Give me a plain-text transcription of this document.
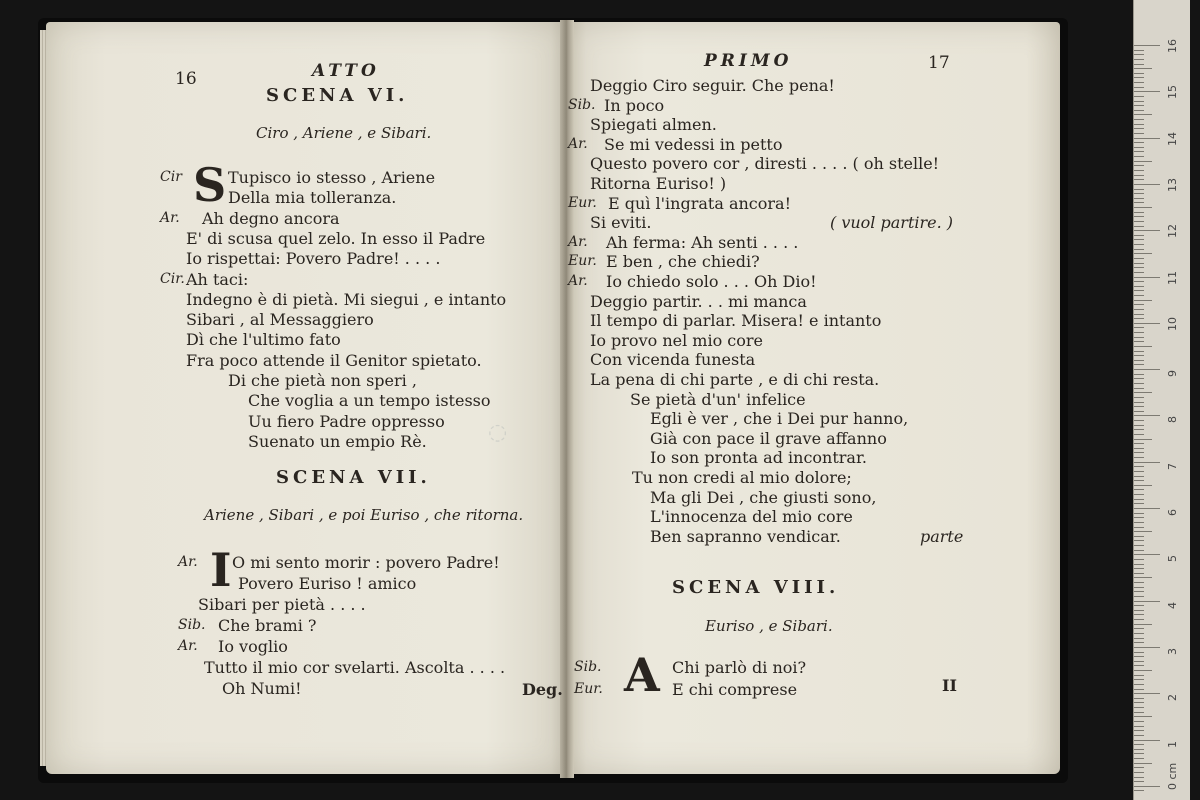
16	ATTO
SCENA VI.
Ciro , Ariene , e Sibari.
Cir S Tupisco io stesso , Ariene
Della mia tolleranza.
Ar. Ah degno ancora
E' di scusa quel zelo. In esso il Padre
Io rispettai: Povero Padre! . . . .
Cir. Ah taci:
Indegno è di pietà. Mi siegui , e intanto
Sibari , al Messaggiero
Dì che l'ultimo fato
Fra poco attende il Genitor spietato.
Di che pietà non speri ,
Che voglia a un tempo istesso
Uu fiero Padre oppresso
Suenato un empio Rè.
SCENA VII.
Ariene , Sibari , e poi Euriso , che ritorna.
Ar. I O mi sento morir : povero Padre!
Povero Euriso ! amico
Sibari per pietà . . . .
Sib. Che brami ?
Ar. Io voglio
Tutto il mio cor svelarti. Ascolta . . . .
Oh Numi!	Deg.
PRIMO	17
Deggio Ciro seguir. Che pena!
Sib. In poco
Spiegati almen.
Ar. Se mi vedessi in petto
Questo povero cor , diresti . . . . ( oh stelle!
Ritorna Euriso! )
Eur. E quì l'ingrata ancora!
Si eviti.	( vuol partire. )
Ar. Ah ferma: Ah senti . . . .
Eur. E ben , che chiedi?
Ar. Io chiedo solo . . . Oh Dio!
Deggio partir. . . mi manca
Il tempo di parlar. Misera! e intanto
Io provo nel mio core
Con vicenda funesta
La pena di chi parte , e di chi resta.
Se pietà d'un' infelice
Egli è ver , che i Dei pur hanno,
Già con pace il grave affanno
Io son pronta ad incontrar.
Tu non credi al mio dolore;
Ma gli Dei , che giusti sono,
L'innocenza del mio core
Ben sapranno vendicar.	parte
SCENA VIII.
Euriso , e Sibari.
Sib. A Chi parlò di noi?
Eur.	E chi comprese	II
◌
16
15
14
13
12
11
10
9
8
7
6
5
4
3
2
1
0 cm
